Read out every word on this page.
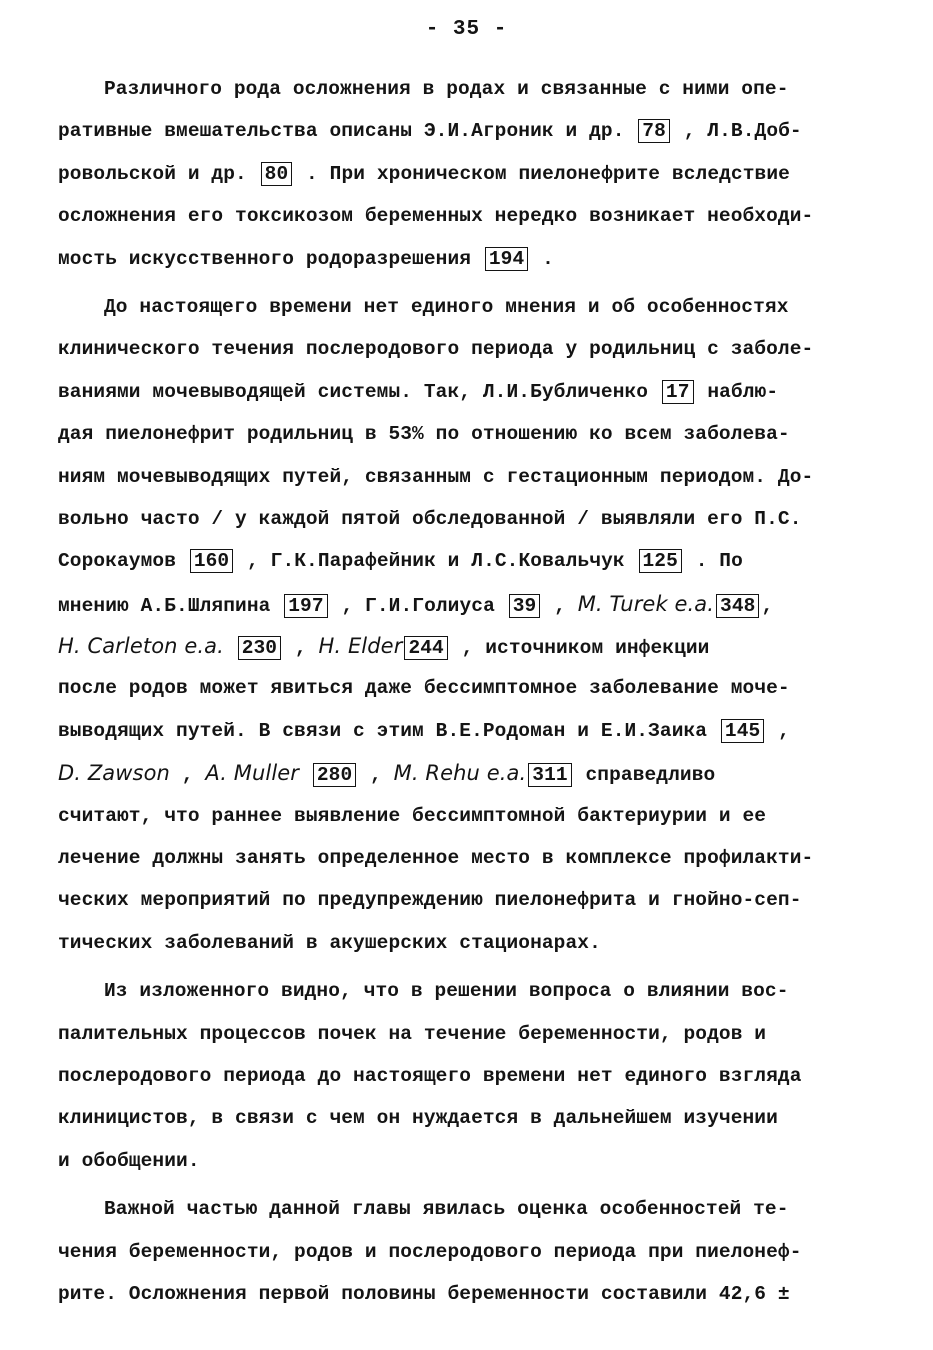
- 35 -
Различного рода осложнения в родах и связанные с ними опе-
ративные вмешательства описаны Э.И.Агроник и др. 78 , Л.В.Доб-
ровольской и др. 80 . При хроническом пиелонефрите вследствие
осложнения его токсикозом беременных нередко возникает необходи-
мость искусственного родоразрешения 194 .
До настоящего времени нет единого мнения и об особенностях
клинического течения послеродового периода у родильниц с заболе-
ваниями мочевыводящей системы. Так, Л.И.Бубличенко 17 наблю-
дая пиелонефрит родильниц в 53% по отношению ко всем заболева-
ниям мочевыводящих путей, связанным с гестационным периодом. До-
вольно часто / у каждой пятой обследованной / выявляли его П.С.
Сорокаумов 160 , Г.К.Парафейник и Л.С.Ковальчук 125 . По
мнению А.Б.Шляпина 197 , Г.И.Голиуса 39 , M. Turek e.a. 348 ,
H. Carleton e.a. 230 , H. Elder 244 , источником инфекции
после родов может явиться даже бессимптомное заболевание моче-
выводящих путей. В связи с этим В.Е.Родоман и Е.И.Заика 145 ,
D. Zawson , A. Muller 280 , M. Rehu e.a. 311 справедливо
считают, что раннее выявление бессимптомной бактериурии и ее
лечение должны занять определенное место в комплексе профилакти-
ческих мероприятий по предупреждению пиелонефрита и гнойно-сеп-
тических заболеваний в акушерских стационарах.
Из изложенного видно, что в решении вопроса о влиянии вос-
палительных процессов почек на течение беременности, родов и
послеродового периода до настоящего времени нет единого взгляда
клиницистов, в связи с чем он нуждается в дальнейшем изучении
и обобщении.
Важной частью данной главы явилась оценка особенностей те-
чения беременности, родов и послеродового периода при пиелонеф-
рите. Осложнения первой половины беременности составили 42,6 ±
